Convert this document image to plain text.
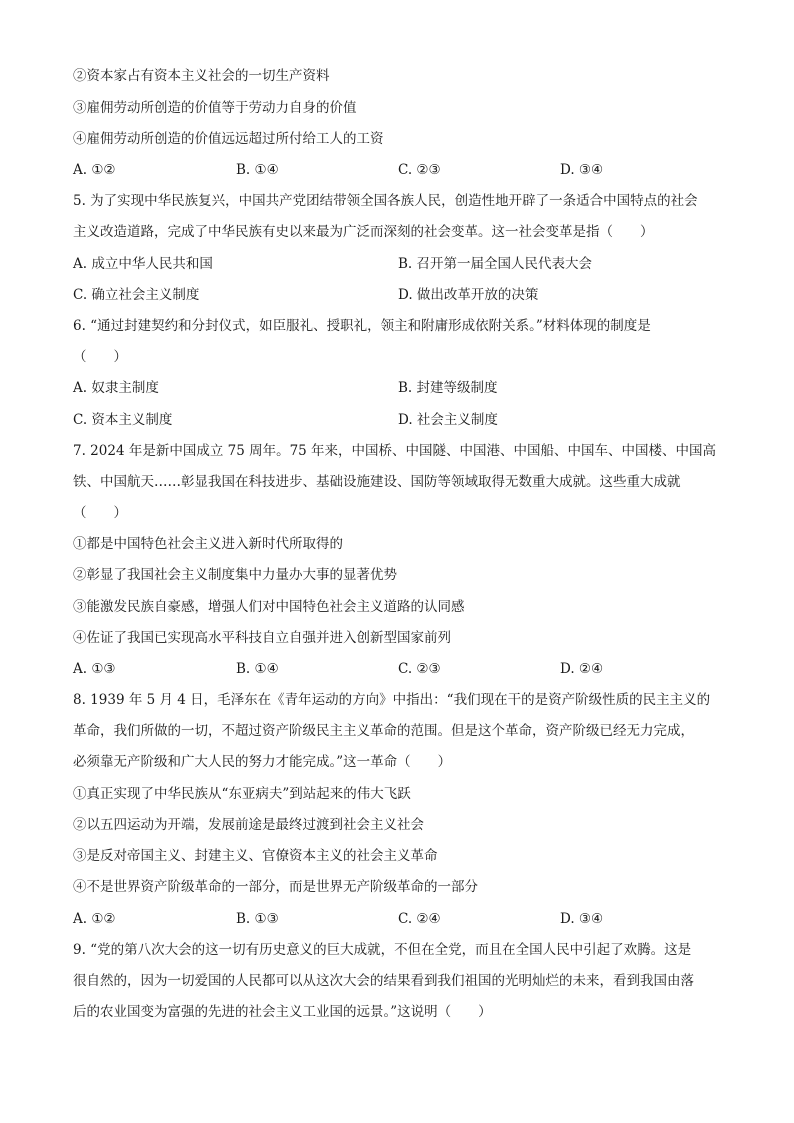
②资本家占有资本主义社会的一切生产资料
③雇佣劳动所创造的价值等于劳动力自身的价值
④雇佣劳动所创造的价值远远超过所付给工人的工资
A. ①②	B. ①④	C. ②③	D. ③④
5. 为了实现中华民族复兴，中国共产党团结带领全国各族人民，创造性地开辟了一条适合中国特点的社会
主义改造道路，完成了中华民族有史以来最为广泛而深刻的社会变革。这一社会变革是指（　　）
A. 成立中华人民共和国	B. 召开第一届全国人民代表大会
C. 确立社会主义制度	D. 做出改革开放的决策
6. “通过封建契约和分封仪式，如臣服礼、授职礼，领主和附庸形成依附关系。”材料体现的制度是
（　　）
A. 奴隶主制度	B. 封建等级制度
C. 资本主义制度	D. 社会主义制度
7. 2024 年是新中国成立 75 周年。75 年来，中国桥、中国隧、中国港、中国船、中国车、中国楼、中国高
铁、中国航天……彰显我国在科技进步、基础设施建设、国防等领域取得无数重大成就。这些重大成就
（　　）
①都是中国特色社会主义进入新时代所取得的
②彰显了我国社会主义制度集中力量办大事的显著优势
③能激发民族自豪感，增强人们对中国特色社会主义道路的认同感
④佐证了我国已实现高水平科技自立自强并进入创新型国家前列
A. ①③	B. ①④	C. ②③	D. ②④
8. 1939 年 5 月 4 日，毛泽东在《青年运动的方向》中指出：“我们现在干的是资产阶级性质的民主主义的
革命，我们所做的一切，不超过资产阶级民主主义革命的范围。但是这个革命，资产阶级已经无力完成，
必须靠无产阶级和广大人民的努力才能完成。”这一革命（　　）
①真正实现了中华民族从“东亚病夫”到站起来的伟大飞跃
②以五四运动为开端，发展前途是最终过渡到社会主义社会
③是反对帝国主义、封建主义、官僚资本主义的社会主义革命
④不是世界资产阶级革命的一部分，而是世界无产阶级革命的一部分
A. ①②	B. ①③	C. ②④	D. ③④
9. “党的第八次大会的这一切有历史意义的巨大成就，不但在全党，而且在全国人民中引起了欢腾。这是
很自然的，因为一切爱国的人民都可以从这次大会的结果看到我们祖国的光明灿烂的未来，看到我国由落
后的农业国变为富强的先进的社会主义工业国的远景。”这说明（　　）
